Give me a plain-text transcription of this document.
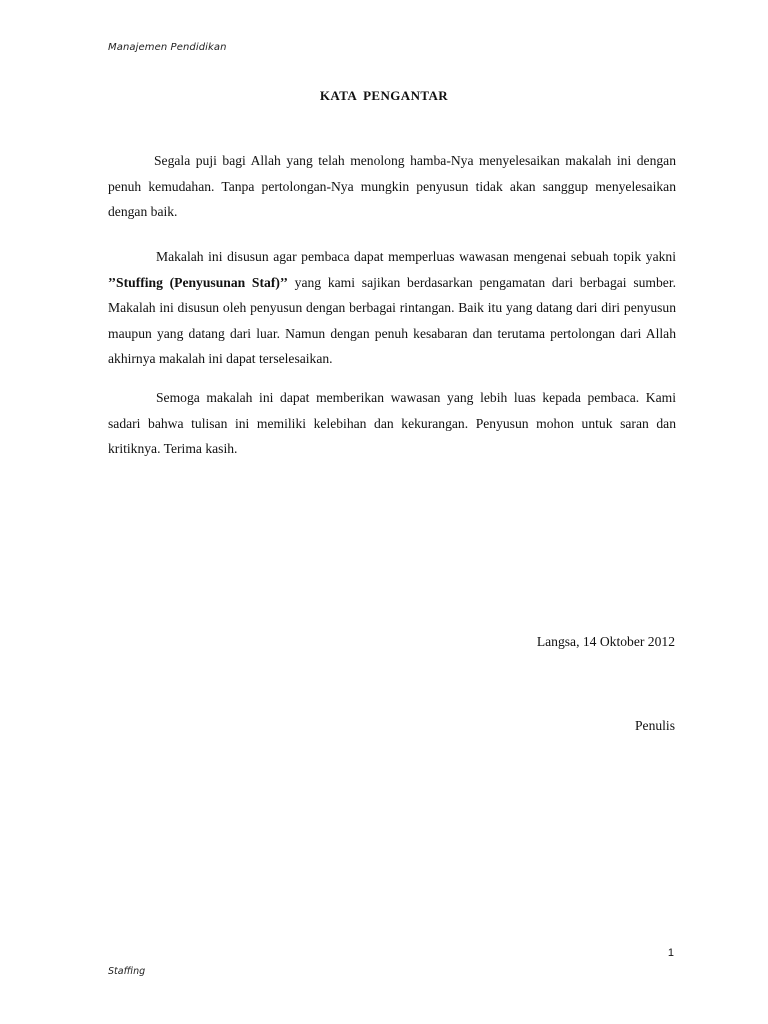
Manajemen Pendidikan
KATA PENGANTAR

Segala puji bagi Allah yang telah menolong hamba-Nya menyelesaikan makalah ini dengan penuh kemudahan. Tanpa pertolongan-Nya mungkin penyusun tidak akan sanggup menyelesaikan dengan baik.

Makalah ini disusun agar pembaca dapat memperluas wawasan mengenai sebuah topik yakni ’’Stuffing (Penyusunan Staf)’’ yang kami sajikan berdasarkan pengamatan dari berbagai sumber. Makalah ini disusun oleh penyusun dengan berbagai rintangan. Baik itu yang datang dari diri penyusun maupun yang datang dari luar. Namun dengan penuh kesabaran dan terutama pertolongan dari Allah akhirnya makalah ini dapat terselesaikan.

Semoga makalah ini dapat memberikan wawasan yang lebih luas kepada pembaca. Kami sadari bahwa tulisan ini memiliki kelebihan dan kekurangan. Penyusun mohon untuk saran dan kritiknya. Terima kasih.

Langsa, 14 Oktober 2012
Penulis
1
Staffing
